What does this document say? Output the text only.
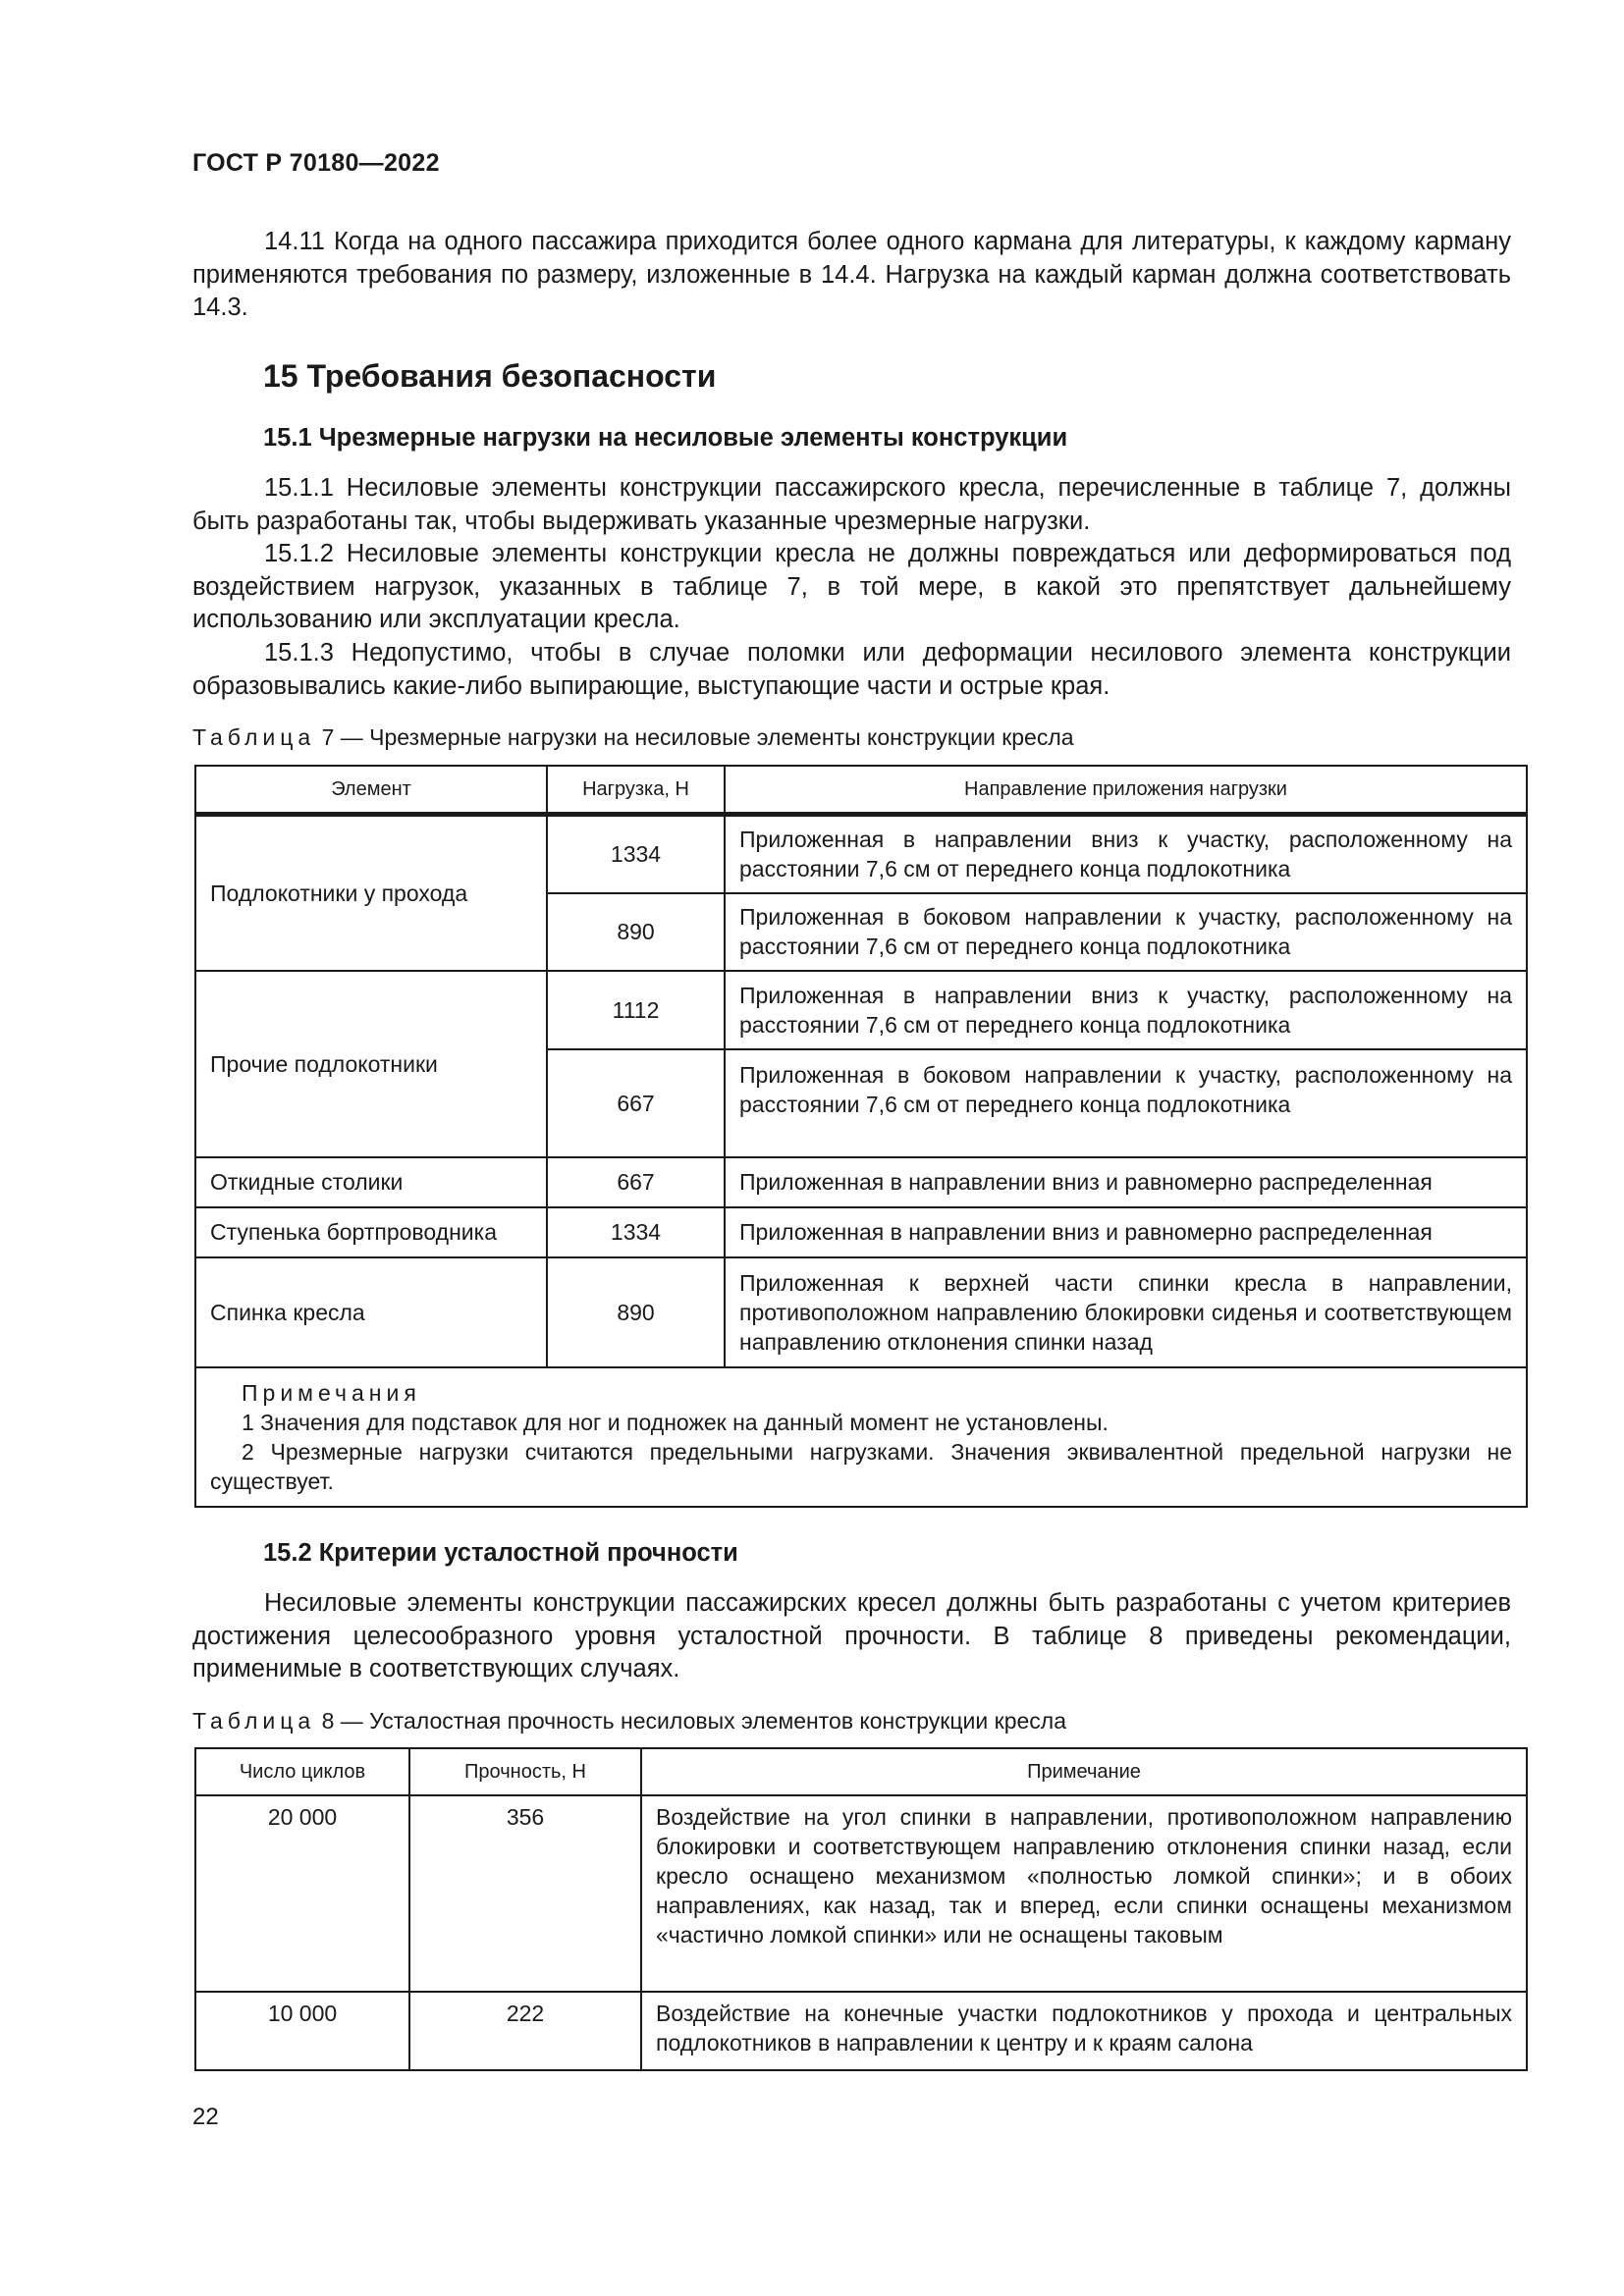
ГОСТ Р 70180—2022
14.11 Когда на одного пассажира приходится более одного кармана для литературы, к каждому карману применяются требования по размеру, изложенные в 14.4. Нагрузка на каждый карман должна соответствовать 14.3.
15 Требования безопасности
15.1 Чрезмерные нагрузки на несиловые элементы конструкции
15.1.1 Несиловые элементы конструкции пассажирского кресла, перечисленные в таблице 7, должны быть разработаны так, чтобы выдерживать указанные чрезмерные нагрузки.
15.1.2 Несиловые элементы конструкции кресла не должны повреждаться или деформироваться под воздействием нагрузок, указанных в таблице 7, в той мере, в какой это препятствует дальнейшему использованию или эксплуатации кресла.
15.1.3 Недопустимо, чтобы в случае поломки или деформации несилового элемента конструкции образовывались какие-либо выпирающие, выступающие части и острые края.
Таблица 7 — Чрезмерные нагрузки на несиловые элементы конструкции кресла
Элемент	Нагрузка, Н	Направление приложения нагрузки
Подлокотники у прохода	1334	Приложенная в направлении вниз к участку, расположенному на расстоянии 7,6 см от переднего конца подлокотника
	890	Приложенная в боковом направлении к участку, расположенному на расстоянии 7,6 см от переднего конца подлокотника
Прочие подлокотники	1112	Приложенная в направлении вниз к участку, расположенному на расстоянии 7,6 см от переднего конца подлокотника
	667	Приложенная в боковом направлении к участку, расположенному на расстоянии 7,6 см от переднего конца подлокотника
Откидные столики	667	Приложенная в направлении вниз и равномерно распределенная
Ступенька бортпроводника	1334	Приложенная в направлении вниз и равномерно распределенная
Спинка кресла	890	Приложенная к верхней части спинки кресла в направлении, противоположном направлению блокировки сиденья и соответствующем направлению отклонения спинки назад

Примечания
1 Значения для подставок для ног и подножек на данный момент не установлены.
2 Чрезмерные нагрузки считаются предельными нагрузками. Значения эквивалентной предельной нагрузки не существует.		
15.2 Критерии усталостной прочности
Несиловые элементы конструкции пассажирских кресел должны быть разработаны с учетом критериев достижения целесообразного уровня усталостной прочности. В таблице 8 приведены рекомендации, применимые в соответствующих случаях.
Таблица 8 — Усталостная прочность несиловых элементов конструкции кресла
Число циклов	Прочность, Н	Примечание
20 000	356	Воздействие на угол спинки в направлении, противоположном направлению блокировки и соответствующем направлению отклонения спинки назад, если кресло оснащено механизмом «полностью ломкой спинки»; и в обоих направлениях, как назад, так и вперед, если спинки оснащены механизмом «частично ломкой спинки» или не оснащены таковым
10 000	222	Воздействие на конечные участки подлокотников у прохода и центральных подлокотников в направлении к центру и к краям салона
22
